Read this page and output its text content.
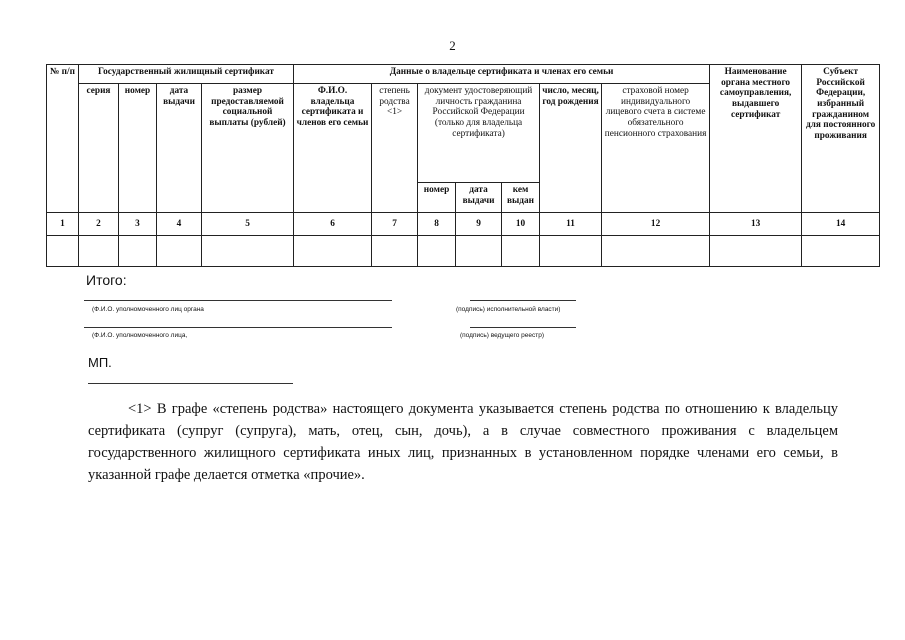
2
№ п/п	Государственный жилищный сертификат				Данные о владельце сертификата и членах его семьи							Наименование органа местного самоуправления, выдавшего сертификат	Субъект Российской Федерации, избранный гражданином для постоянного проживания
	серия	номер	дата выдачи	размер предоставляемой социальной выплаты (рублей)	Ф.И.О. владельца сертификата и членов его семьи	степень родства <1>	документ удостоверяющий личность гражданина Российской Федерации (только для владельца сертификата)			число, месяц, год рождения	страховой номер индивидуального лицевого счета в системе обязательного пенсионного страхования		
							номер	дата выдачи	кем выдан				
1	2	3	4	5	6	7	8	9	10	11	12	13	14

Итого:
(Ф.И.О. уполномоченного лиц органа	(подпись) исполнительной власти)
(Ф.И.О. уполномоченного лица,	(подпись) ведущего реестр)
МП.
<1> В графе «степень родства» настоящего документа указывается степень родства по отношению к владельцу сертификата (супруг (супруга), мать, отец, сын, дочь), а в случае совместного проживания с владельцем государственного жилищного сертификата иных лиц, признанных в установленном порядке членами его семьи, в указанной графе делается отметка «прочие».
